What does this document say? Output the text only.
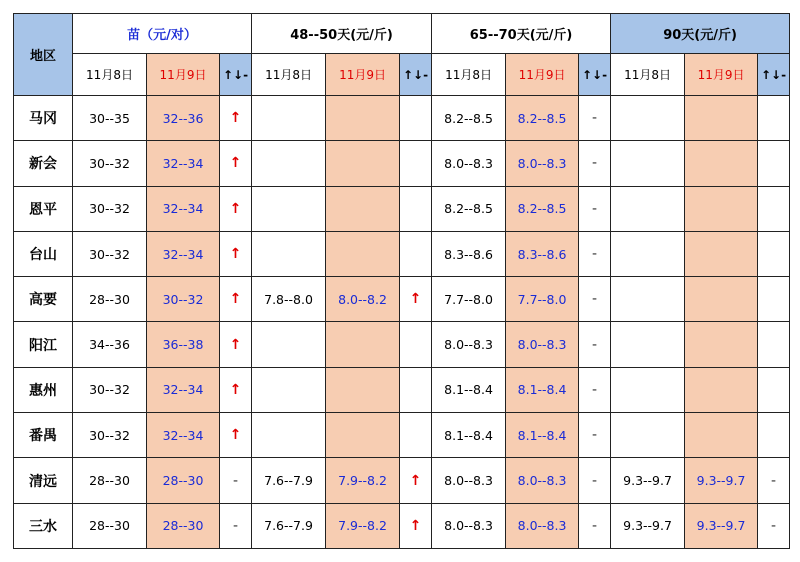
地区	苗（元/对）			48--50天(元/斤)			65--70天(元/斤)			90天(元/斤)		
	11月8日	11月9日	↑↓-	11月8日	11月9日	↑↓-	11月8日	11月9日	↑↓-	11月8日	11月9日	↑↓-
马冈	30--35	32--36	↑				8.2--8.5	8.2--8.5	-			
新会	30--32	32--34	↑				8.0--8.3	8.0--8.3	-			
恩平	30--32	32--34	↑				8.2--8.5	8.2--8.5	-			
台山	30--32	32--34	↑				8.3--8.6	8.3--8.6	-			
高要	28--30	30--32	↑	7.8--8.0	8.0--8.2	↑	7.7--8.0	7.7--8.0	-			
阳江	34--36	36--38	↑				8.0--8.3	8.0--8.3	-			
惠州	30--32	32--34	↑				8.1--8.4	8.1--8.4	-			
番禺	30--32	32--34	↑				8.1--8.4	8.1--8.4	-			
清远	28--30	28--30	-	7.6--7.9	7.9--8.2	↑	8.0--8.3	8.0--8.3	-	9.3--9.7	9.3--9.7	-
三水	28--30	28--30	-	7.6--7.9	7.9--8.2	↑	8.0--8.3	8.0--8.3	-	9.3--9.7	9.3--9.7	-
